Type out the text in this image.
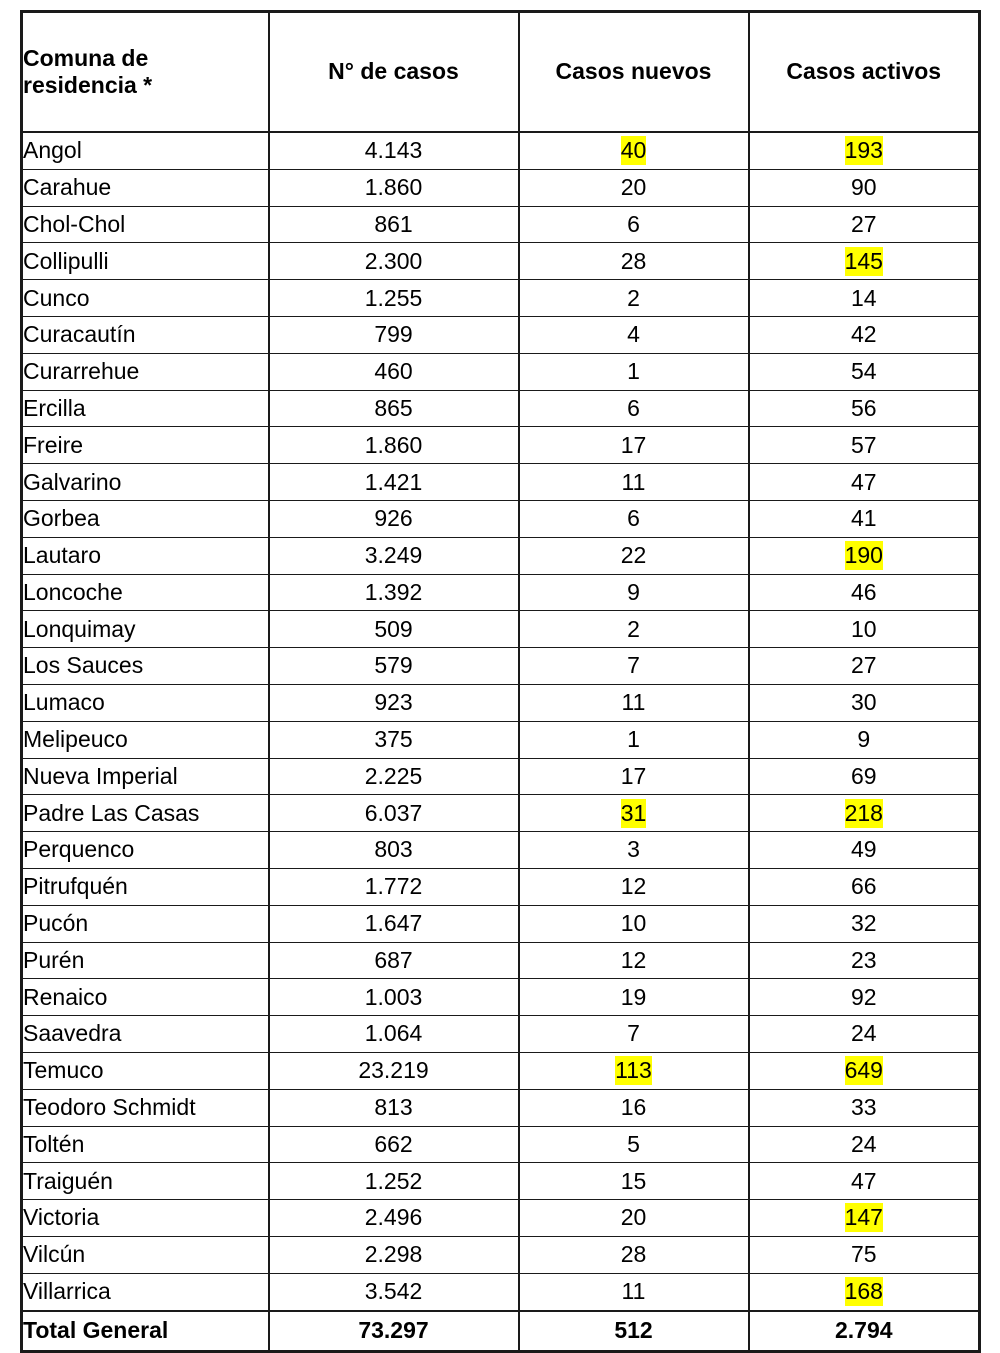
Comuna de
residencia *	N° de casos	Casos nuevos	Casos activos
Angol	4.143	40	193
Carahue	1.860	20	90
Chol-Chol	861	6	27
Collipulli	2.300	28	145
Cunco	1.255	2	14
Curacautín	799	4	42
Curarrehue	460	1	54
Ercilla	865	6	56
Freire	1.860	17	57
Galvarino	1.421	11	47
Gorbea	926	6	41
Lautaro	3.249	22	190
Loncoche	1.392	9	46
Lonquimay	509	2	10
Los Sauces	579	7	27
Lumaco	923	11	30
Melipeuco	375	1	9
Nueva Imperial	2.225	17	69
Padre Las Casas	6.037	31	218
Perquenco	803	3	49
Pitrufquén	1.772	12	66
Pucón	1.647	10	32
Purén	687	12	23
Renaico	1.003	19	92
Saavedra	1.064	7	24
Temuco	23.219	113	649
Teodoro Schmidt	813	16	33
Toltén	662	5	24
Traiguén	1.252	15	47
Victoria	2.496	20	147
Vilcún	2.298	28	75
Villarrica	3.542	11	168
Total General	73.297	512	2.794
